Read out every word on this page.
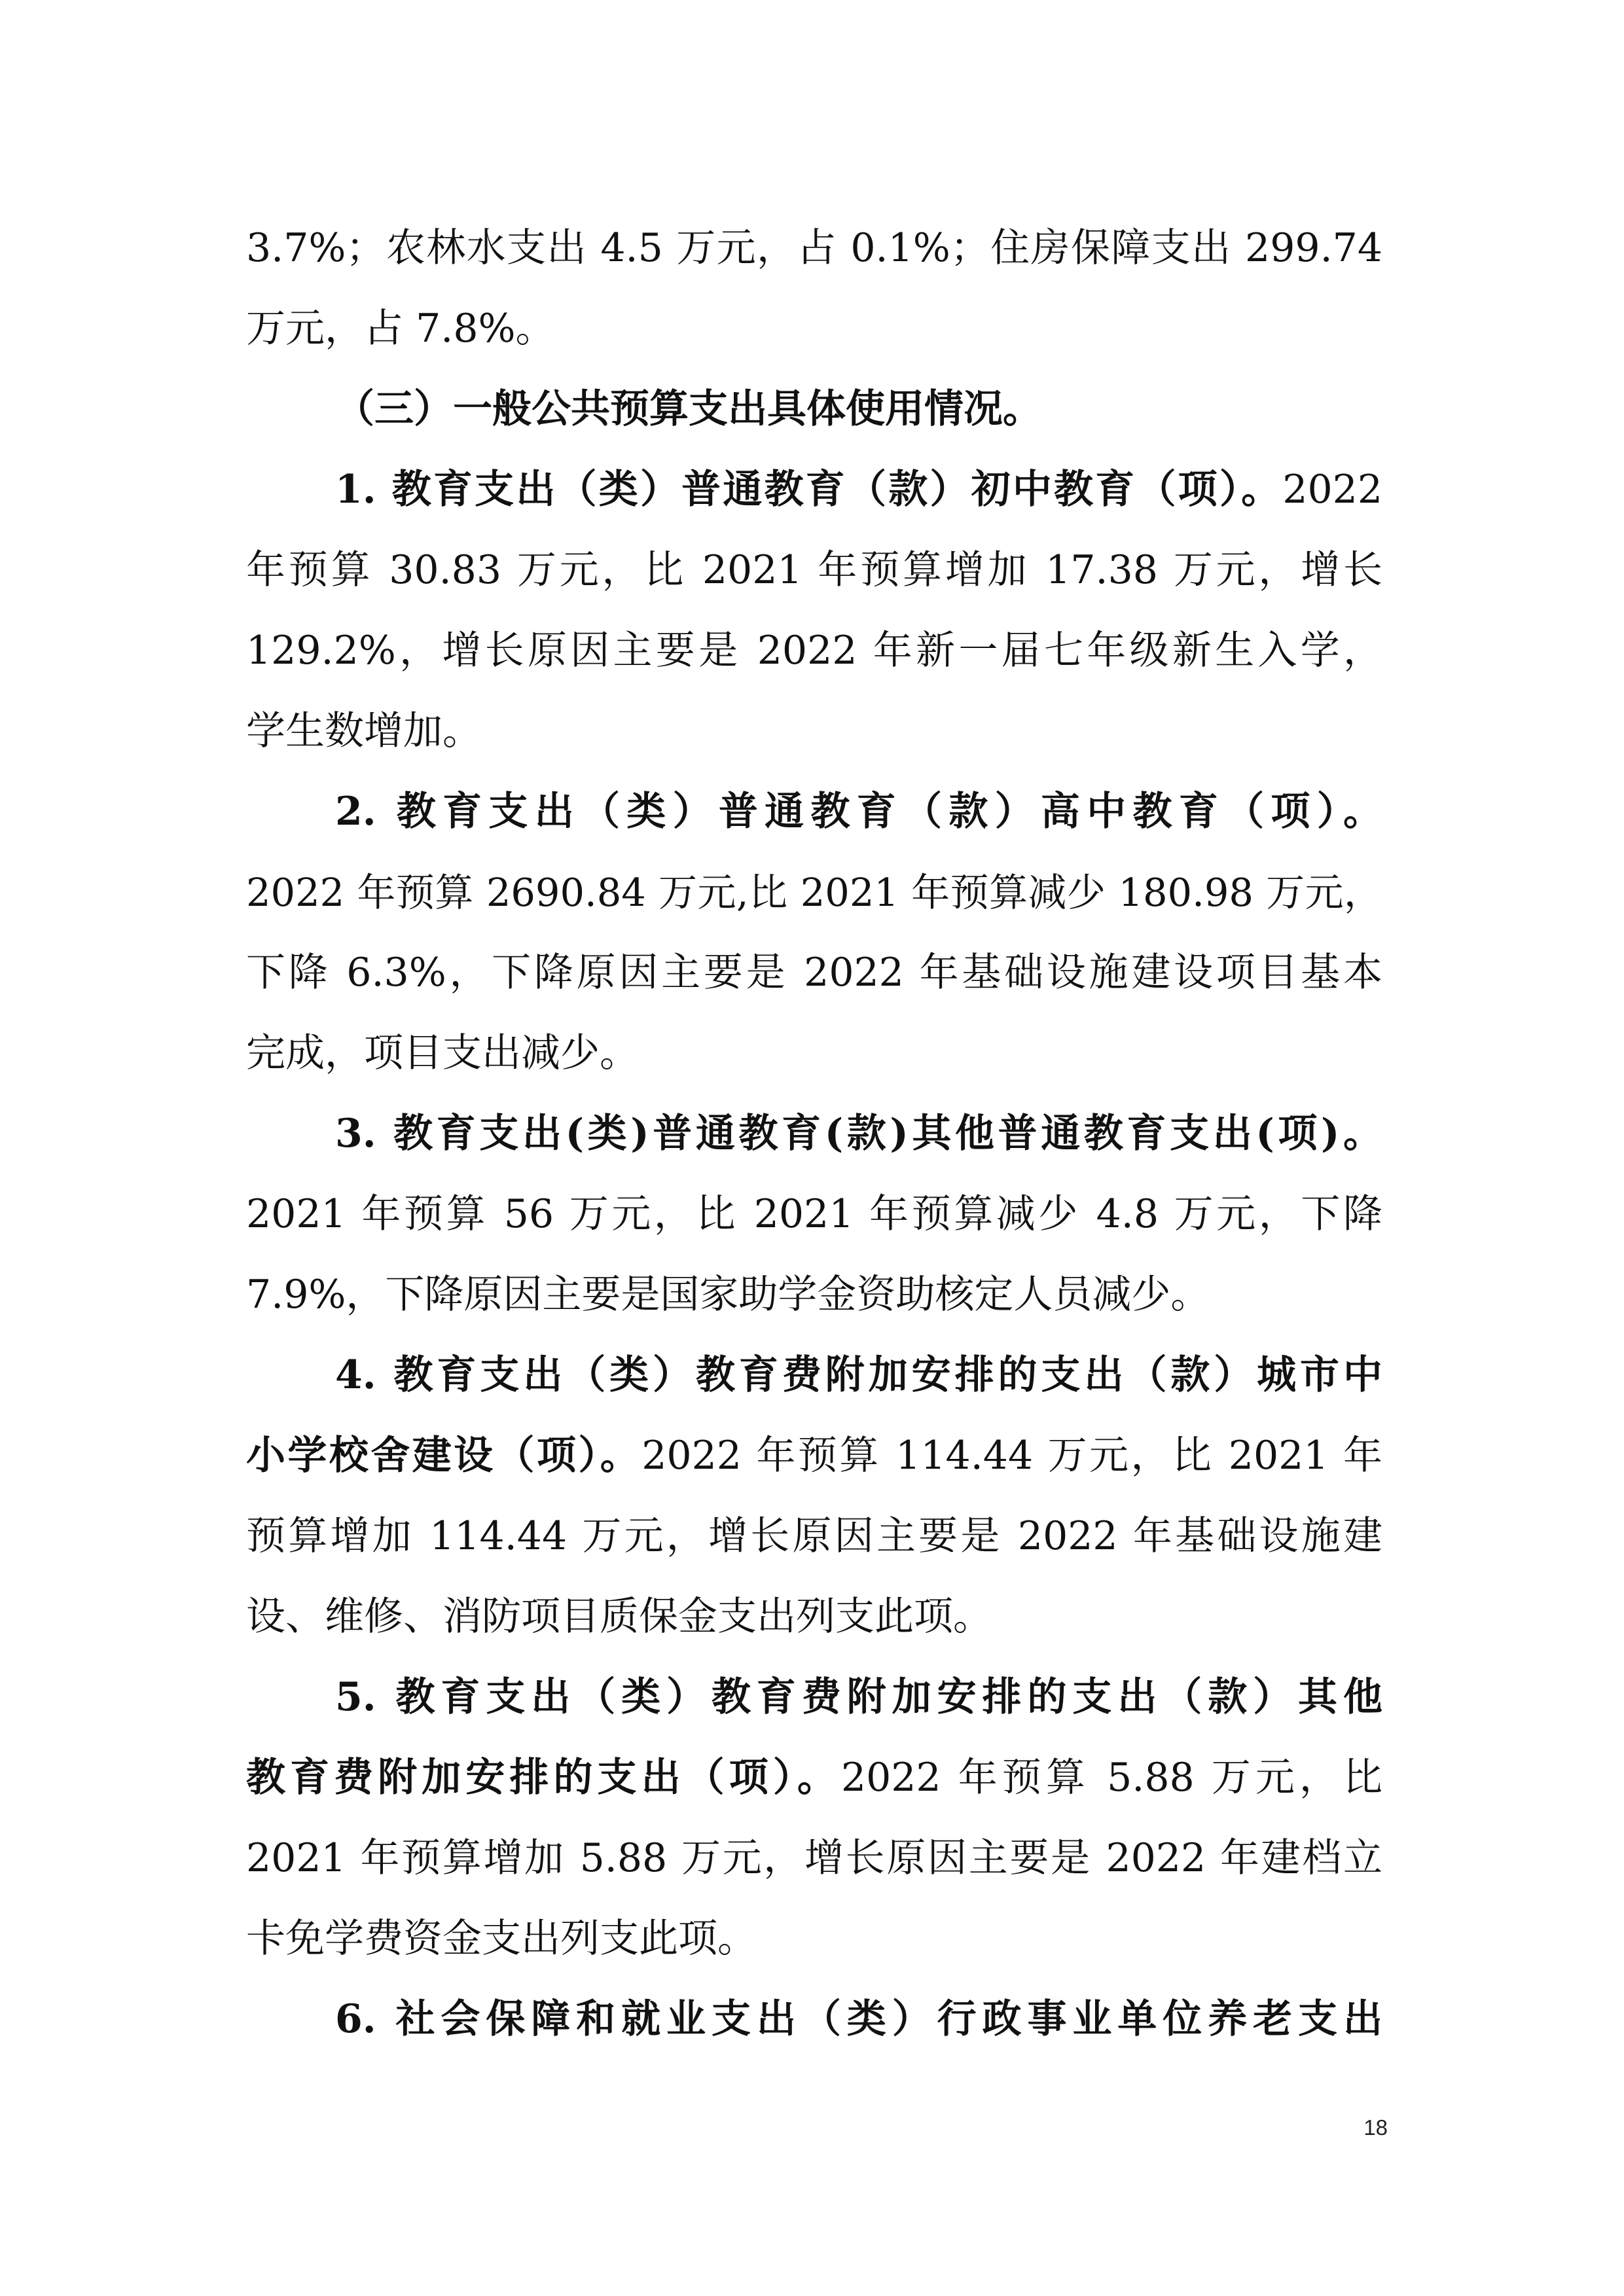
3.7%；农林水支出 4.5 万元，占 0.1%；住房保障支出 299.74
万元，占 7.8%。
（三）一般公共预算支出具体使用情况。
1. 教育支出（类）普通教育（款）初中教育（项）。2022
年预算 30.83 万元，比 2021 年预算增加 17.38 万元，增长
129.2%，增长原因主要是 2022 年新一届七年级新生入学，
学生数增加。
2. 教育支出（类）普通教育（款）高中教育（项）。
2022 年预算 2690.84 万元,比 2021 年预算减少 180.98 万元，
下降 6.3%，下降原因主要是 2022 年基础设施建设项目基本
完成，项目支出减少。
3. 教育支出(类)普通教育(款)其他普通教育支出(项)。
2021 年预算 56 万元，比 2021 年预算减少 4.8 万元，下降
7.9%，下降原因主要是国家助学金资助核定人员减少。
4. 教育支出（类）教育费附加安排的支出（款）城市中
小学校舍建设（项）。2022 年预算 114.44 万元，比 2021 年
预算增加 114.44 万元，增长原因主要是 2022 年基础设施建
设、维修、消防项目质保金支出列支此项。
5. 教育支出（类）教育费附加安排的支出（款）其他
教育费附加安排的支出（项）。2022 年预算 5.88 万元，比
2021 年预算增加 5.88 万元，增长原因主要是 2022 年建档立
卡免学费资金支出列支此项。
6. 社会保障和就业支出（类）行政事业单位养老支出
18
